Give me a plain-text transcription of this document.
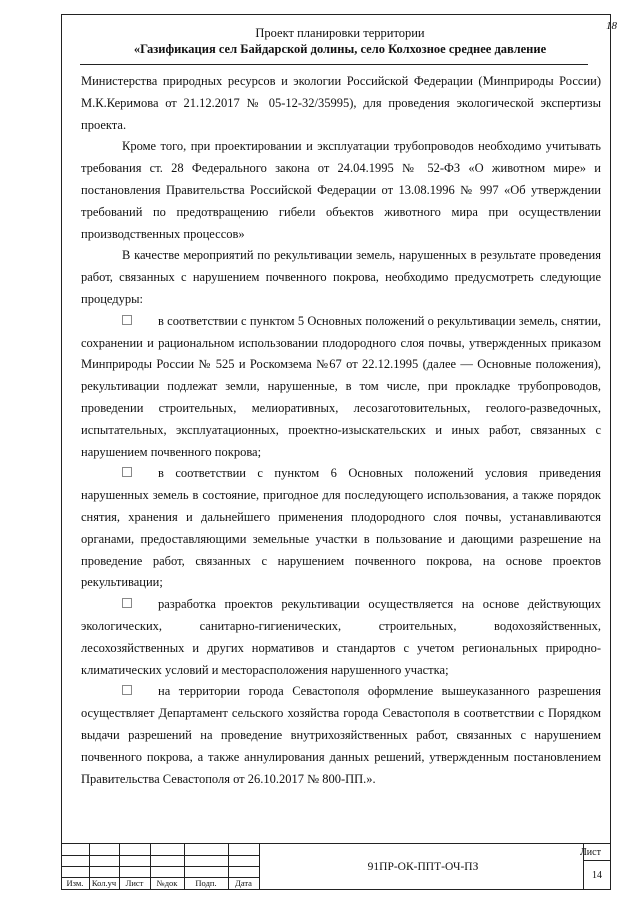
18
Проект планировки территории
«Газификация сел Байдарской долины, село Колхозное среднее давление

Министерства природных ресурсов и экологии Российской Федерации (Минприроды России) М.К.Керимова от 21.12.2017 № 05-12-32/35995), для проведения экологической экспертизы проекта.

Кроме того, при проектировании и эксплуатации трубопроводов необходимо учитывать требования ст. 28 Федерального закона от 24.04.1995 № 52-ФЗ «О животном мире» и постановления Правительства Российской Федерации от 13.08.1996 № 997 «Об утверждении требований по предотвращению гибели объектов животного мира при осуществлении производственных процессов»

В качестве мероприятий по рекультивации земель, нарушенных в результате проведения работ, связанных с нарушением почвенного покрова, необходимо предусмотреть следующие процедуры:

в соответствии с пунктом 5 Основных положений о рекультивации земель, снятии, сохранении и рациональном использовании плодородного слоя почвы, утвержденных приказом Минприроды России № 525 и Роскомзема №67 от 22.12.1995 (далее — Основные положения), рекультивации подлежат земли, нарушенные, в том числе, при прокладке трубопроводов, проведении строительных, мелиоративных, лесозаготовительных, геолого-разведочных, испытательных, эксплуатационных, проектно-изыскательских и иных работ, связанных с нарушением почвенного покрова;

в соответствии с пунктом 6 Основных положений условия приведения нарушенных земель в состояние, пригодное для последующего использования, а также порядок снятия, хранения и дальнейшего применения плодородного слоя почвы, устанавливаются органами, предоставляющими земельные участки в пользование и дающими разрешение на проведение работ, связанных с нарушением почвенного покрова, на основе проектов рекультивации;

разработка проектов рекультивации осуществляется на основе действующих экологических, санитарно-гигиенических, строительных, водохозяйственных, лесохозяйственных и других нормативов и стандартов с учетом региональных природно-климатических условий и месторасположения нарушенного участка;

на территории города Севастополя оформление вышеуказанного разрешения осуществляет Департамент сельского хозяйства города Севастополя в соответствии с Порядком выдачи разрешений на проведение внутрихозяйственных работ, связанных с нарушением почвенного покрова, а также аннулирования данных решений, утвержденным постановлением Правительства Севастополя от 26.10.2017 № 800-ПП.».

Изм. Кол.уч	Лист	№док	Подп.	Дата
91ПР-ОК-ППТ-ОЧ-ПЗ
Лист
14
